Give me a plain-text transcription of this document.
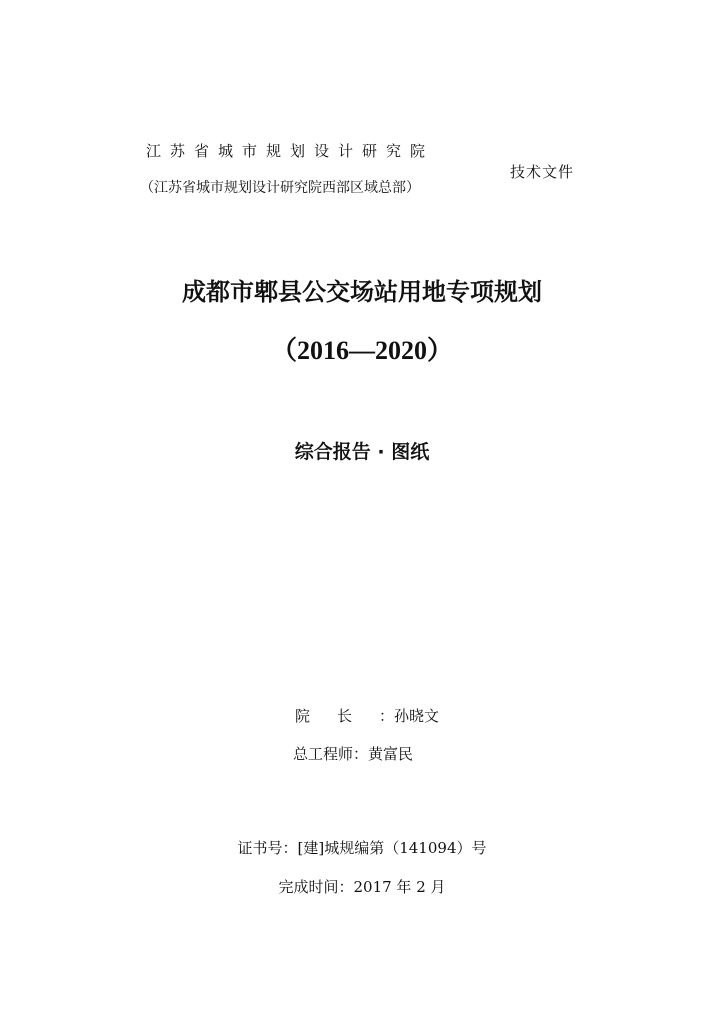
江苏省城市规划设计研究院
（江苏省城市规划设计研究院西部区域总部）
技术文件
成都市郫县公交场站用地专项规划
（2016—2020）
综合报告 · 图纸
院长：孙晓文
总工程师：黄富民
证书号：[建]城规编第（141094）号
完成时间：2017 年 2 月
